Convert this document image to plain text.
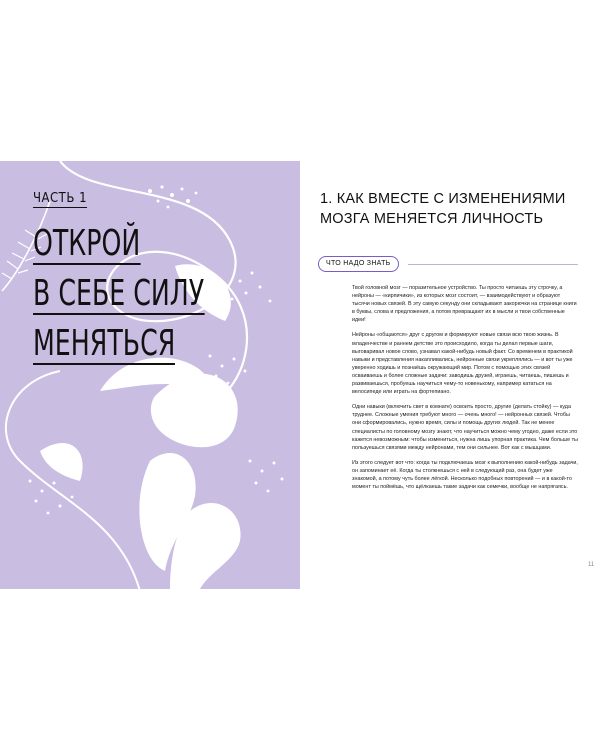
ЧАСТЬ 1
ОТКРОЙ
В СЕБЕ СИЛУ
МЕНЯТЬСЯ
1. КАК ВМЕСТЕ С ИЗМЕНЕНИЯМИ МОЗГА МЕНЯЕТСЯ ЛИЧНОСТЬ
ЧТО НАДО ЗНАТЬ

Твой головной мозг — поразительное устройство. Ты просто читаешь эту строчку, а нейроны — «кирпичики», из которых мозг состоит, — взаимодействуют и образуют тысячи новых связей. В эту самую секунду они складывают закорючки на странице книги в буквы, слова и предложения, а потом превращают их в мысли и твои собственные идеи!

Нейроны «общаются» друг с другом и формируют новые связи всю твою жизнь. В младенчестве и раннем детстве это происходило, когда ты делал первые шаги, выговаривал новое слово, узнавал какой-нибудь новый факт. Со временем в практикой навыки и представления накапливались, нейронные связи укреплялись — и вот ты уже уверенно ходишь и познаёшь окружающий мир. Потом с помощью этих связей осваиваешь и более сложные задачи: заводишь друзей, играешь, читаешь, пишешь и развиваешься, пробуешь научиться чему-то новенькому, например кататься на велосипеде или играть на фортепиано.

Одни навыки (включить свет в комнате) освоить просто, другие (делать стойку) — куда труднее. Сложные умения требуют много — очень много! — нейронных связей. Чтобы они сформировались, нужно время, силы и помощь других людей. Так не менее специалисты по головному мозгу знают, что научиться можно чему угодно, даже если это кажется невозможным: чтобы измениться, нужна лишь упорная практика. Чем больше ты пользуешься связями между нейронами, тем они сильнее. Вот как с мышцами.

Из этого следует вот что: когда ты подключаешь мозг к выполнению какой-нибудь задачи, он запоминает её. Когда ты столкнешься с ней в следующий раз, она будет уже знакомой, а потому чуть более лёгкой. Несколько подобных повторений — и в какой-то момент ты поймёшь, что щёлкаешь такие задачи как семечки, вообще не напрягаясь.

11
